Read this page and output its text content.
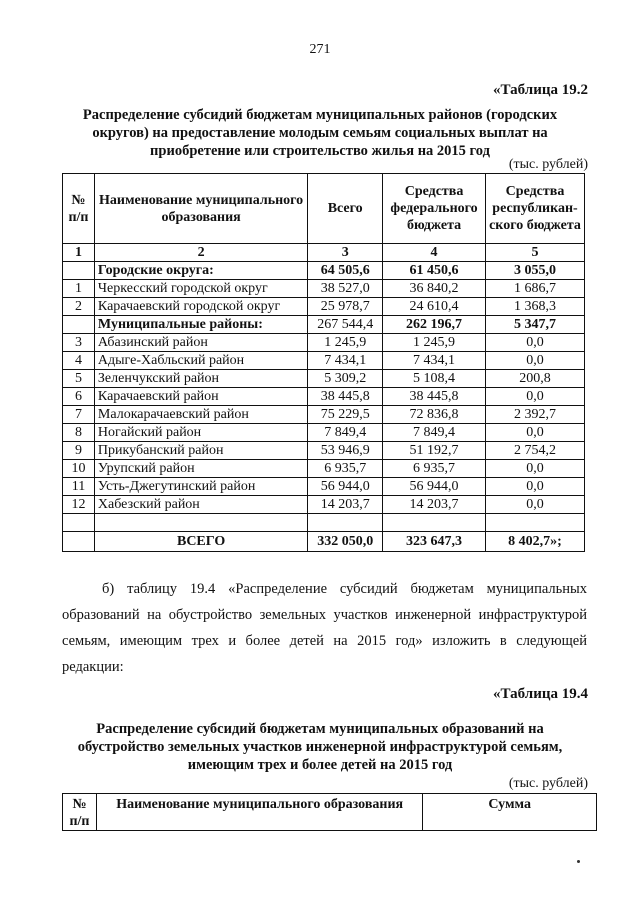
271
«Таблица 19.2
Распределение субсидий бюджетам муниципальных районов (городских
округов) на предоставление молодым семьям социальных выплат на
приобретение или строительство жилья на 2015 год
(тыс. рублей)
№ п/п	Наименование муниципального образования	Всего	Средства федерального бюджета	Средства республиканского бюджета
1	2	3	4	5
	Городские округа:	64 505,6	61 450,6	3 055,0
1	Черкесский городской округ	38 527,0	36 840,2	1 686,7
2	Карачаевский городской округ	25 978,7	24 610,4	1 368,3
	Муниципальные районы:	267 544,4	262 196,7	5 347,7
3	Абазинский район	1 245,9	1 245,9	0,0
4	Адыге-Хабльский район	7 434,1	7 434,1	0,0
5	Зеленчукский район	5 309,2	5 108,4	200,8
6	Карачаевский район	38 445,8	38 445,8	0,0
7	Малокарачаевский район	75 229,5	72 836,8	2 392,7
8	Ногайский район	7 849,4	7 849,4	0,0
9	Прикубанский район	53 946,9	51 192,7	2 754,2
10	Урупский район	6 935,7	6 935,7	0,0
11	Усть-Джегутинский район	56 944,0	56 944,0	0,0
12	Хабезский район	14 203,7	14 203,7	0,0

	ВСЕГО	332 050,0	323 647,3	8 402,7»;
б) таблицу 19.4 «Распределение субсидий бюджетам муниципальных образований на обустройство земельных участков инженерной инфраструктурой семьям, имеющим трех и более детей на 2015 год» изложить в следующей редакции:
«Таблица 19.4
Распределение субсидий бюджетам муниципальных образований на
обустройство земельных участков инженерной инфраструктурой семьям,
имеющим трех и более детей на 2015 год
(тыс. рублей)
№ п/п	Наименование муниципального образования	Сумма
